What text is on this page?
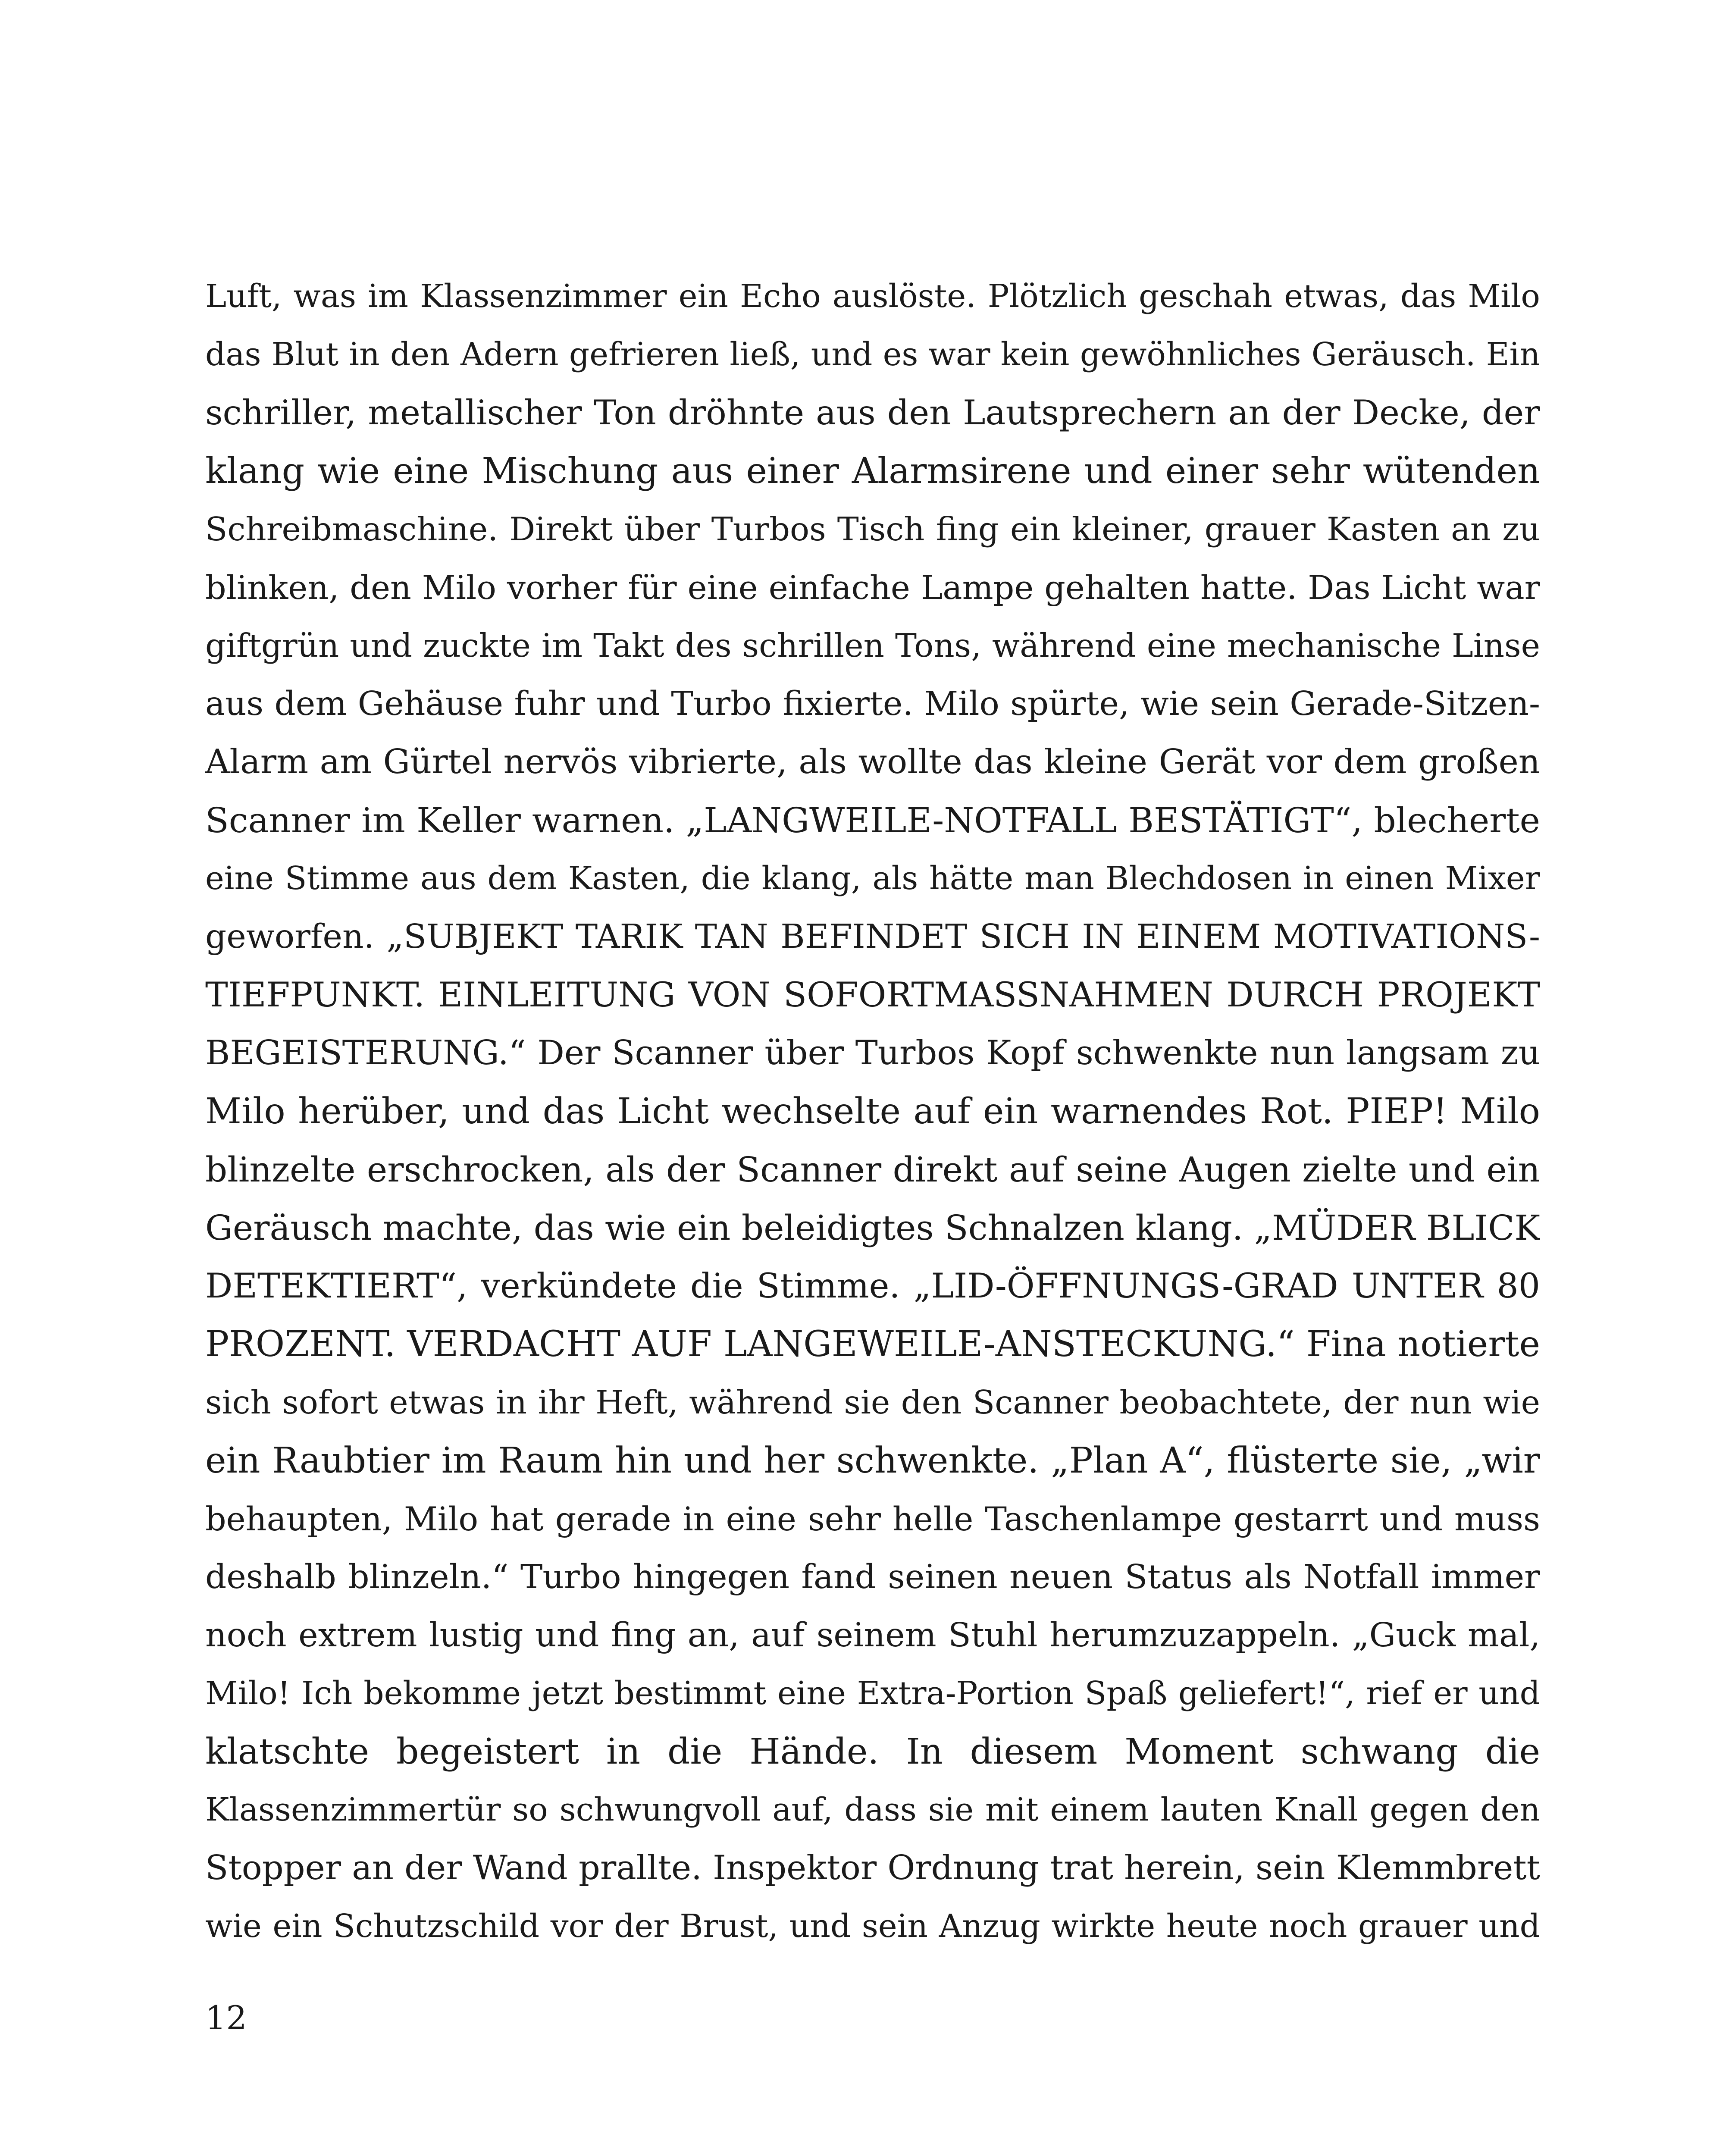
Luft, was im Klassenzimmer ein Echo auslöste. Plötzlich geschah etwas, das Milo
das Blut in den Adern gefrieren ließ, und es war kein gewöhnliches Geräusch. Ein
schriller, metallischer Ton dröhnte aus den Lautsprechern an der Decke, der
klang wie eine Mischung aus einer Alarmsirene und einer sehr wütenden
Schreibmaschine. Direkt über Turbos Tisch fing ein kleiner, grauer Kasten an zu
blinken, den Milo vorher für eine einfache Lampe gehalten hatte. Das Licht war
giftgrün und zuckte im Takt des schrillen Tons, während eine mechanische Linse
aus dem Gehäuse fuhr und Turbo fixierte. Milo spürte, wie sein Gerade-Sitzen-
Alarm am Gürtel nervös vibrierte, als wollte das kleine Gerät vor dem großen
Scanner im Keller warnen. „LANGWEILE-NOTFALL BESTÄTIGT“, blecherte
eine Stimme aus dem Kasten, die klang, als hätte man Blechdosen in einen Mixer
geworfen. „SUBJEKT TARIK TAN BEFINDET SICH IN EINEM MOTIVATIONS-
TIEFPUNKT. EINLEITUNG VON SOFORTMASSNAHMEN DURCH PROJEKT
BEGEISTERUNG.“ Der Scanner über Turbos Kopf schwenkte nun langsam zu
Milo herüber, und das Licht wechselte auf ein warnendes Rot. PIEP! Milo
blinzelte erschrocken, als der Scanner direkt auf seine Augen zielte und ein
Geräusch machte, das wie ein beleidigtes Schnalzen klang. „MÜDER BLICK
DETEKTIERT“, verkündete die Stimme. „LID-ÖFFNUNGS-GRAD UNTER 80
PROZENT. VERDACHT AUF LANGEWEILE-ANSTECKUNG.“ Fina notierte
sich sofort etwas in ihr Heft, während sie den Scanner beobachtete, der nun wie
ein Raubtier im Raum hin und her schwenkte. „Plan A“, flüsterte sie, „wir
behaupten, Milo hat gerade in eine sehr helle Taschenlampe gestarrt und muss
deshalb blinzeln.“ Turbo hingegen fand seinen neuen Status als Notfall immer
noch extrem lustig und fing an, auf seinem Stuhl herumzuzappeln. „Guck mal,
Milo! Ich bekomme jetzt bestimmt eine Extra-Portion Spaß geliefert!“, rief er und
klatschte begeistert in die Hände. In diesem Moment schwang die
Klassenzimmertür so schwungvoll auf, dass sie mit einem lauten Knall gegen den
Stopper an der Wand prallte. Inspektor Ordnung trat herein, sein Klemmbrett
wie ein Schutzschild vor der Brust, und sein Anzug wirkte heute noch grauer und
12
